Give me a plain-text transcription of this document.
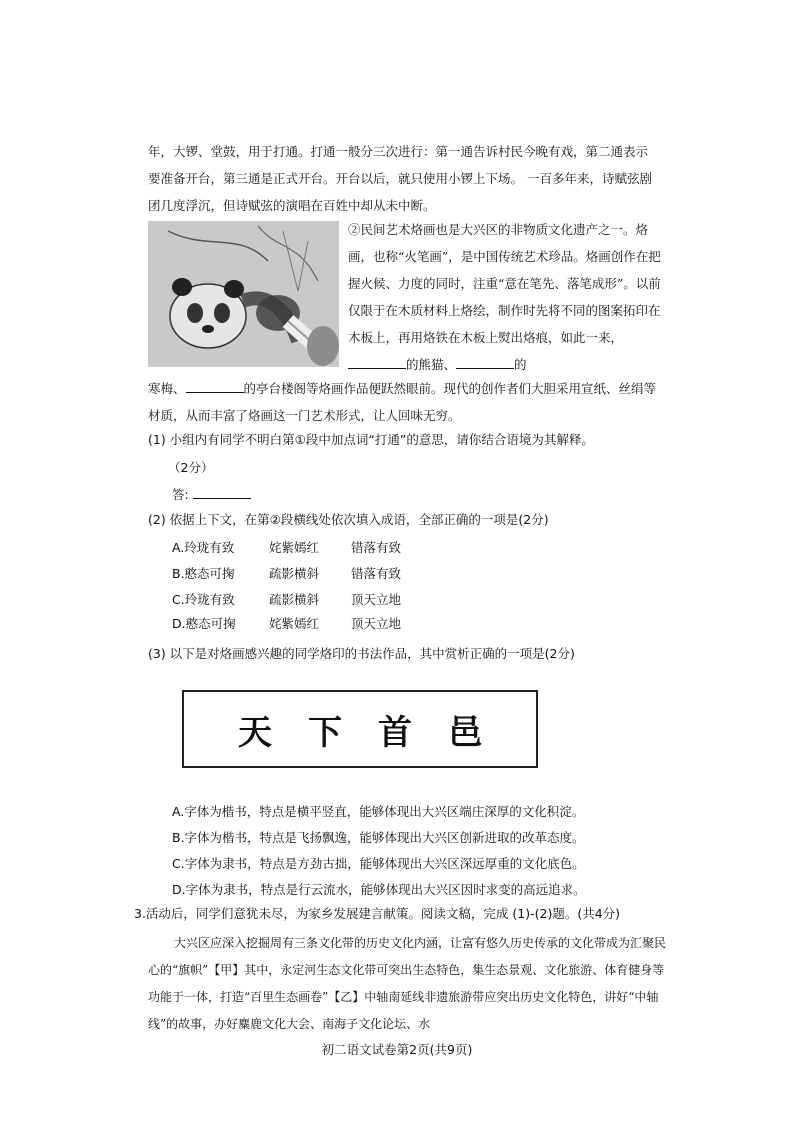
年，大锣、堂鼓，用于打通。打通一般分三次进行：第一通告诉村民今晚有戏，第二通表示要准备开台，第三通是正式开台。开台以后，就只使用小锣上下场。 一百多年来，诗赋弦剧团几度浮沉，但诗赋弦的演唱在百姓中却从未中断。
②民间艺术烙画也是大兴区的非物质文化遗产之一。烙画，也称“火笔画”，是中国传统艺术珍品。烙画创作在把握火候、力度的同时，注重“意在笔先、落笔成形”。以前仅限于在木质材料上烙绘，制作时先将不同的图案拓印在木板上，再用烙铁在木板上熨出烙痕，如此一来，的熊猫、	的
寒梅、	的亭台楼阁等烙画作品便跃然眼前。现代的创作者们大胆采用宣纸、丝绢等材质，从而丰富了烙画这一门艺术形式，让人回味无穷。
(1) 小组内有同学不明白第①段中加点词“打通”的意思，请你结合语境为其解释。
（2分）
答:
(2) 依据上下文，在第②段横线处依次填入成语，全部正确的一项是(2分)
A.玲珑有致	姹紫嫣红	错落有致
B.憨态可掬	疏影横斜	错落有致
C.玲珑有致	疏影横斜	顶天立地
D.憨态可掬	姹紫嫣红	顶天立地
(3) 以下是对烙画感兴趣的同学烙印的书法作品，其中赏析正确的一项是(2分)
天 下 首 邑
A.字体为楷书，特点是横平竖直，能够体现出大兴区端庄深厚的文化积淀。
B.字体为楷书，特点是飞扬飘逸，能够体现出大兴区创新进取的改革态度。
C.字体为隶书，特点是方劲古拙，能够体现出大兴区深远厚重的文化底色。
D.字体为隶书，特点是行云流水，能够体现出大兴区因时求变的高远追求。
3.活动后，同学们意犹未尽，为家乡发展建言献策。阅读文稿，完成 (1)-(2)题。(共4分)
大兴区应深入挖掘周有三条文化带的历史文化内涵，让富有悠久历史传承的文化带成为汇聚民心的“旗帜”【甲】其中，永定河生态文化带可突出生态特色，集生态景观、文化旅游、体育健身等功能于一体，打造“百里生态画卷”【乙】中轴南延线非遗旅游带应突出历史文化特色，讲好“中轴线”的故事，办好麋鹿文化大会、南海子文化论坛、水
初二语文试卷第2页(共9页)
